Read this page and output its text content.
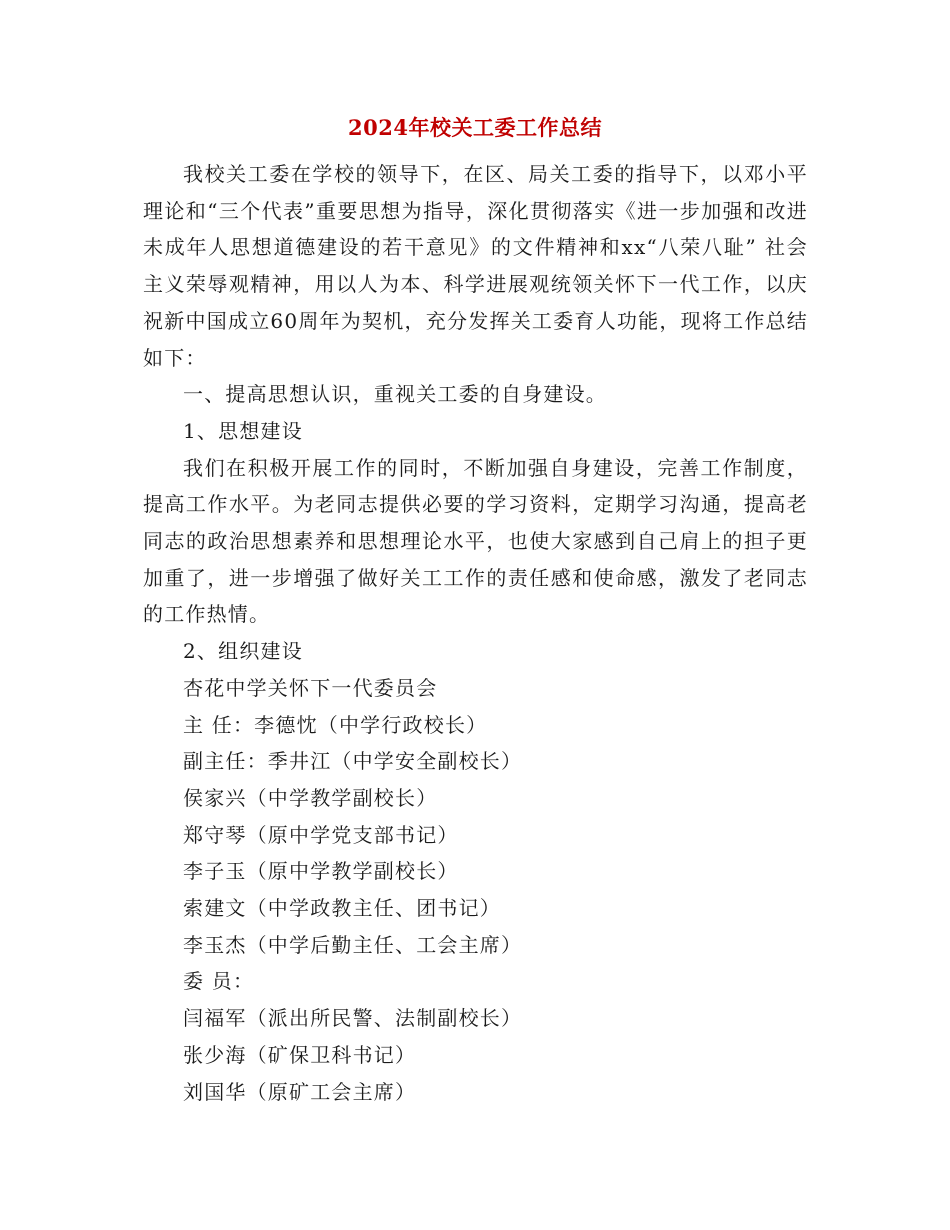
2024年校关工委工作总结

我校关工委在学校的领导下，在区、局关工委的指导下，以邓小平理论和“三个代表”重要思想为指导，深化贯彻落实《进一步加强和改进未成年人思想道德建设的若干意见》的文件精神和xx“八荣八耻” 社会主义荣辱观精神，用以人为本、科学进展观统领关怀下一代工作，以庆祝新中国成立60周年为契机，充分发挥关工委育人功能，现将工作总结如下：

一、提高思想认识，重视关工委的自身建设。

1、思想建设

我们在积极开展工作的同时，不断加强自身建设，完善工作制度，提高工作水平。为老同志提供必要的学习资料，定期学习沟通，提高老同志的政治思想素养和思想理论水平，也使大家感到自己肩上的担子更加重了，进一步增强了做好关工工作的责任感和使命感，激发了老同志的工作热情。

2、组织建设

杏花中学关怀下一代委员会

主 任：李德忱（中学行政校长）

副主任：季井江（中学安全副校长）

侯家兴（中学教学副校长）

郑守琴（原中学党支部书记）

李子玉（原中学教学副校长）

索建文（中学政教主任、团书记）

李玉杰（中学后勤主任、工会主席）

委 员：

闫福军（派出所民警、法制副校长）

张少海（矿保卫科书记）

刘国华（原矿工会主席）
